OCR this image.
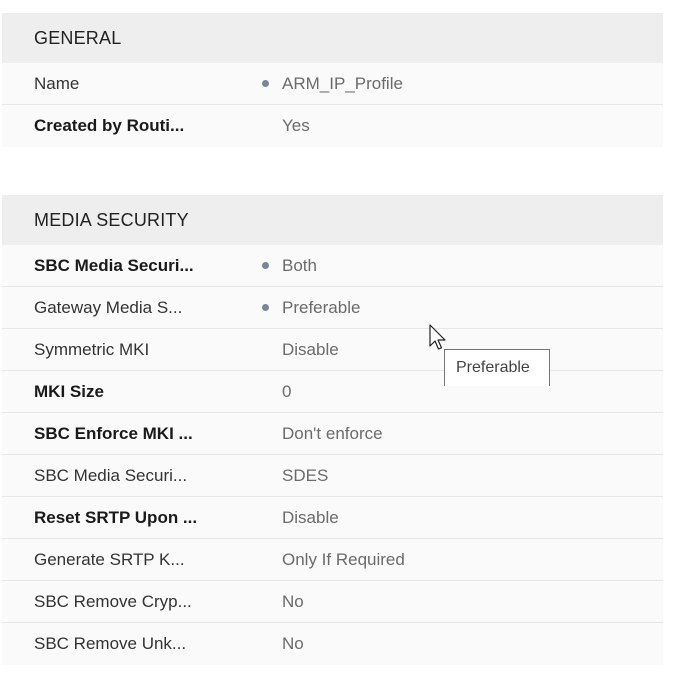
GENERAL
Name	ARM_IP_Profile
Created by Routi...	Yes
MEDIA SECURITY
SBC Media Securi...	Both
Gateway Media S...	Preferable
Symmetric MKI	Disable
MKI Size	0
SBC Enforce MKI ...	Don't enforce
SBC Media Securi...	SDES
Reset SRTP Upon ...	Disable
Generate SRTP K...	Only If Required
SBC Remove Cryp...	No
SBC Remove Unk...	No
Preferable
